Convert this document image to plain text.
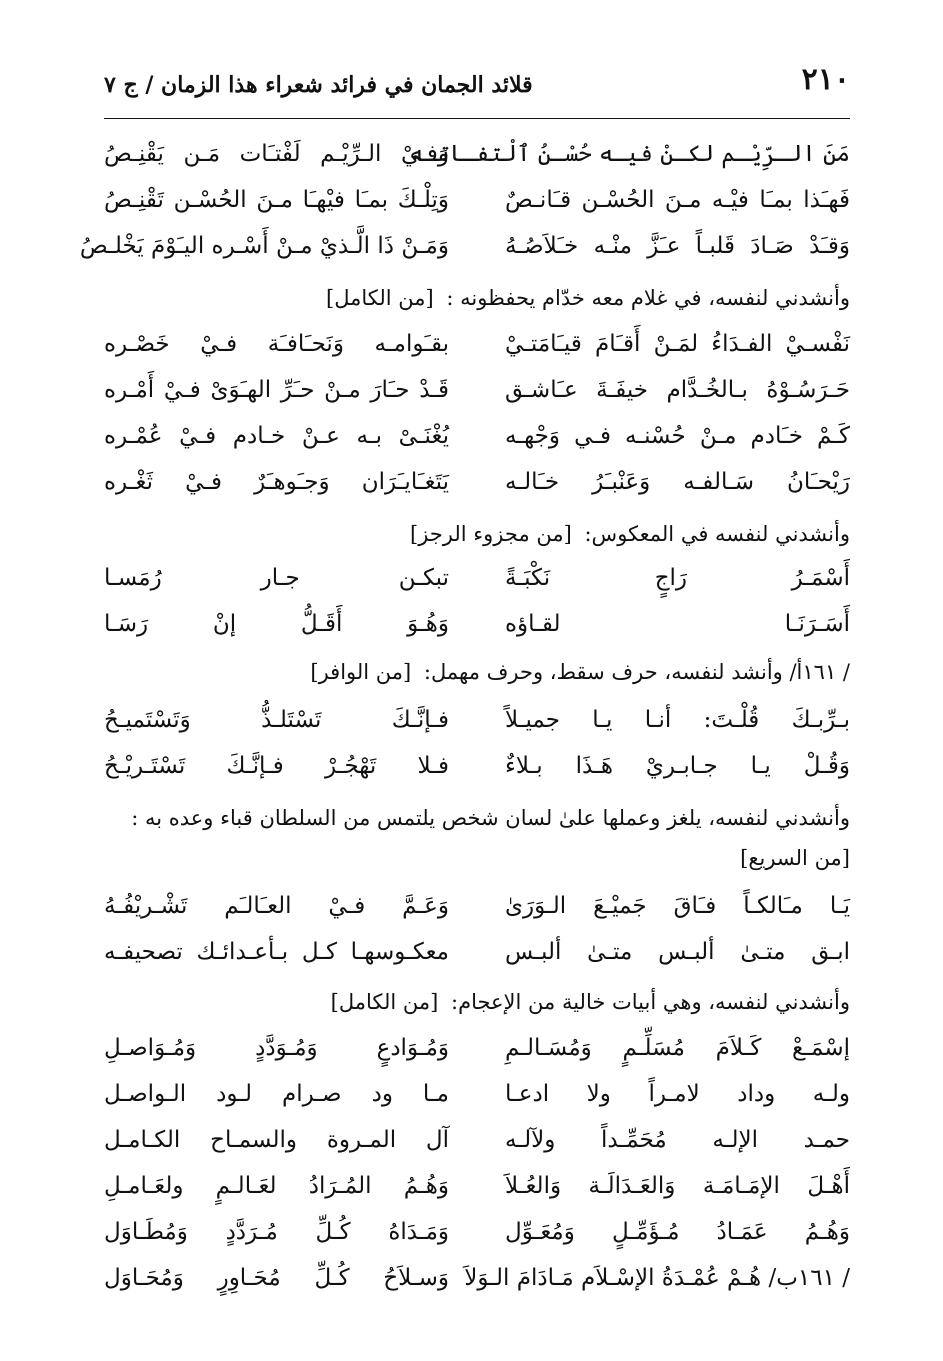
٢١٠
قلائد الجمان في فرائد شعراء هذا الزمان / ج ٧
مَنَ الـرِّيْـم لكـنْ فيـه حُسْـنُ ٱلْتفـاتـه
وَفـيْ الـرِّيْـم لَفْتـَات مَـن يَقْنِـصُ
فَهـَذا بمـَا فيْـه مـنَ الحُسْـن قـَانـصٌ
وَتِلْـكَ بمـَا فيْهـَا مـنَ الحُسْـن تَقْنِـصُ
وَقـَدْ صَـادَ قَلبـاً عـَزَّ منْـه خـَلاَصُـهُ
وَمَـنْ ذَا الَّـذيْ مـنْ أَسْـره اليـَوْمَ يَخْلـصُ
وأنشدني لنفسه، في غلام معه خدّام يحفظونه : [من الكامل]
نَفْسـيْ الفـدَاءُ لمَـنْ أَقـَامَ قيـَامَتـيْ
بقـَوامـه وَنَحـَافـَة فـيْ خَصْـره
حَـرَسُـوْهُ بـالخُـدَّام خيفَـةَ عـَاشـق
قَـدْ حـَارَ مـنْ حـَرِّ الهـَوَىْ فـيْ أَمْـره
كَـمْ خـَادم مـنْ حُسْنـه فـي وَجْهـه
يُغْنَـىْ بـه عـنْ خـادم فـيْ عُمْـره
رَيْحـَانُ سَـالفـه وَعَنْبـَرُ خـَالـه
يَتَغـَايـَرَان وَجـَوهـَرٌ فـيْ ثَغْـره
وأنشدني لنفسه في المعكوس: [من مجزوء الرجز]
أَسْمَـرُ رَاجٍ نَكْبَـةً
تبكـن جـار رُمَسـا
أَسَـرَنَـا لقـاؤه
وَهُـوَ أَقَـلُّ إنْ رَسَـا
/ ١٦١أ/ وأنشد لنفسه، حرف سقط، وحرف مهمل: [من الوافر]
بـرِّبـكَ قُلْـتَ: أنـا يـا جميـلاً
فـإنَّـكَ تَسْتَلـذُّ وَتَسْتَميـحُ
وَقُـلْ يـا جـابـريْ هَـذَا بـلاءٌ
فـلا تَهْجُـرْ فـإنَّـكَ تَسْتَـريْـحُ
وأنشدني لنفسه، يلغز وعملها علىٰ لسان شخص يلتمس من السلطان قباء وعده به :
[من السريع]
يَـا مـَالكـاً فـَاقَ جَميْـعَ الـوَرَىٰ
وَعَـمَّ فـيْ العـَالـَم تَشْـريْفُـهُ
ابـق متـىٰ ألبـس متـىٰ ألبـس
معكـوسهـا كـل بـأعـدائـك تصحيفـه
وأنشدني لنفسه، وهي أبيات خالية من الإعجام: [من الكامل]
إسْمَـعْ كَـلاَمَ مُسَلِّـمٍ وَمُسَـالـمِ
وَمُـوَادعٍ وَمُـوَدَّدٍ وَمُـوَاصـلِ
ولـه وداد لامـراً ولا ادعـا
مـا ود صـرام لـود الـواصـل
حمـد الإلـه مُحَمِّـداً ولآلـه
آل المـروة والسمـاح الكـامـل
أَهْـلَ الإمَـامَـة وَالعَـدَالَـة وَالعُـلاَ
وَهُـمُ المُـرَادُ لعَـالـمٍ ولعَـامـلِ
وَهُـمُ عَمَـادُ مُـؤَمِّـلٍ وَمُعَـوِّل
وَمَـدَاهُ كُـلِّ مُـرَدَّدٍ وَمُطَـاوَل
/ ١٦١ب/ هُـمْ عُمْـدَةُ الإسْـلاَم مَـادَامَ الـوَلاَ
وَسـلاَحُ كُـلِّ مُحَـاوِرٍ وَمُحَـاوَل
